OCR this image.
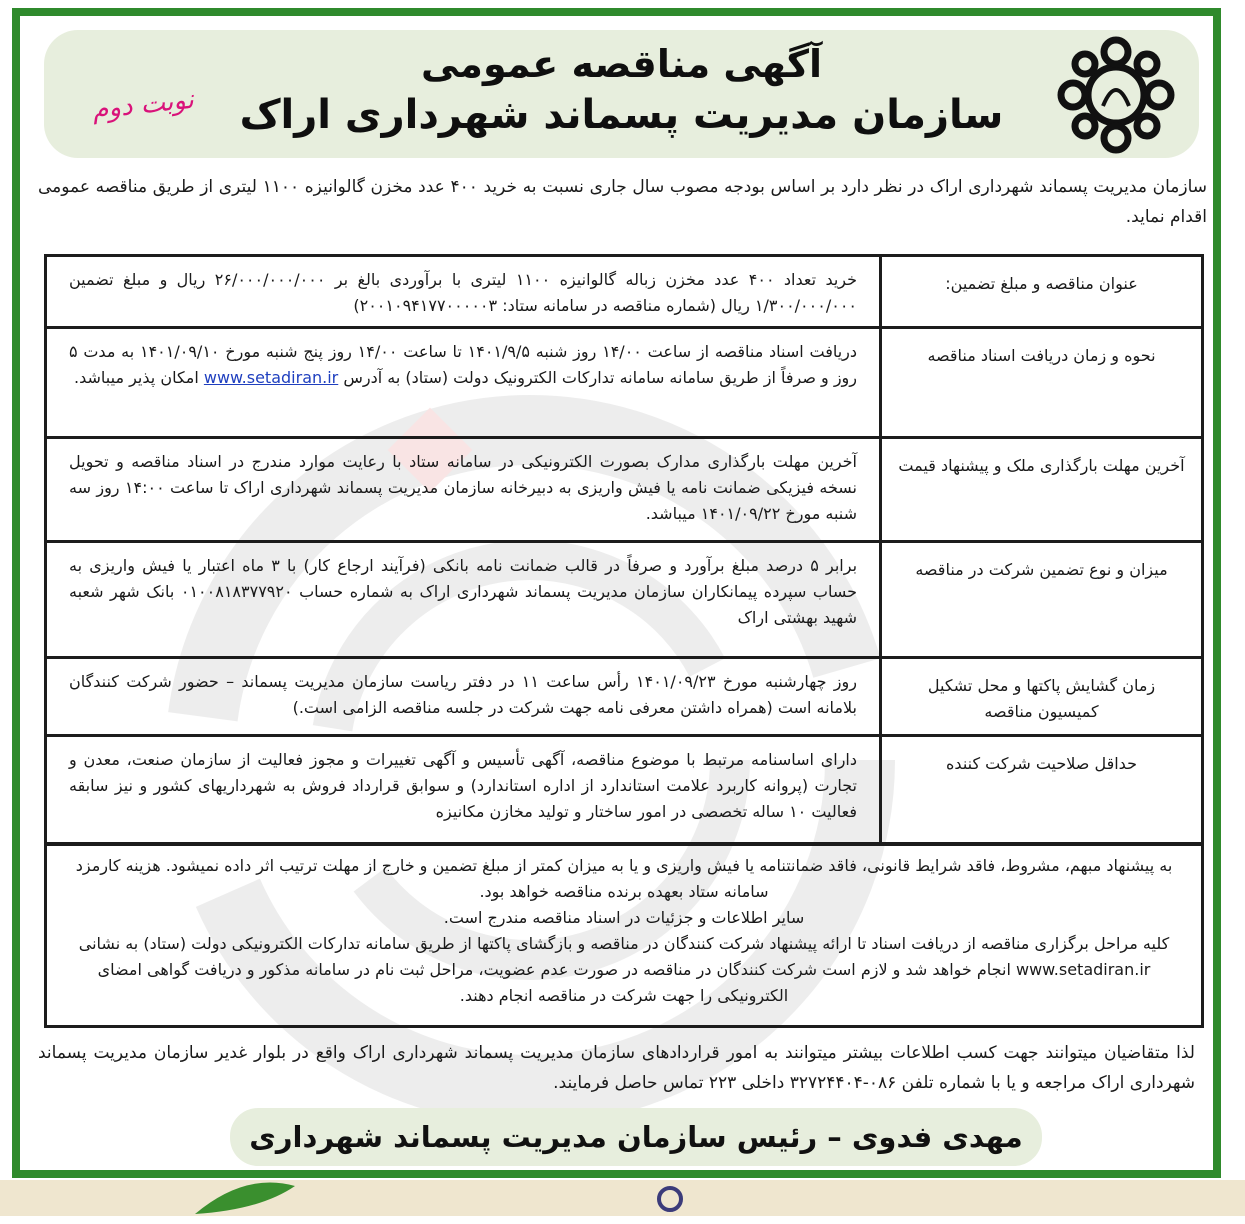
آگهی مناقصه عمومی
سازمان مدیریت پسماند شهرداری اراک
نوبت دوم
سازمان مدیریت پسماند شهرداری اراک در نظر دارد بر اساس بودجه مصوب سال جاری نسبت به خرید ۴۰۰ عدد مخزن گالوانیزه ۱۱۰۰ لیتری از طریق مناقصه عمومی اقدام نماید.
عنوان مناقصه و مبلغ تضمین:
خرید تعداد ۴۰۰ عدد مخزن زباله گالوانیزه ۱۱۰۰ لیتری با برآوردی بالغ بر ۲۶/۰۰۰/۰۰۰/۰۰۰ ریال و مبلغ تضمین ۱/۳۰۰/۰۰۰/۰۰۰ ریال (شماره مناقصه در سامانه ستاد: ۲۰۰۱۰۹۴۱۷۷۰۰۰۰۰۳)
نحوه و زمان دریافت اسناد مناقصه
دریافت اسناد مناقصه از ساعت ۱۴/۰۰ روز شنبه ۱۴۰۱/۹/۵ تا ساعت ۱۴/۰۰ روز پنج شنبه مورخ ۱۴۰۱/۰۹/۱۰ به مدت ۵ روز و صرفاً از طریق سامانه سامانه تدارکات الکترونیک دولت (ستاد) به آدرس www.setadiran.ir امکان پذیر میباشد.
آخرین مهلت بارگذاری ملک و پیشنهاد قیمت
آخرین مهلت بارگذاری مدارک بصورت الکترونیکی در سامانه ستاد با رعایت موارد مندرج در اسناد مناقصه و تحویل نسخه فیزیکی ضمانت نامه یا فیش واریزی به دبیرخانه سازمان مدیریت پسماند شهرداری اراک تا ساعت ۱۴:۰۰ روز سه شنبه مورخ ۱۴۰۱/۰۹/۲۲ میباشد.
میزان و نوع تضمین شرکت در مناقصه
برابر ۵ درصد مبلغ برآورد و صرفاً در قالب ضمانت نامه بانکی (فرآیند ارجاع کار) با ۳ ماه اعتبار یا فیش واریزی به حساب سپرده پیمانکاران سازمان مدیریت پسماند شهرداری اراک به شماره حساب ۰۱۰۰۸۱۸۳۷۷۹۲۰ بانک شهر شعبه شهید بهشتی اراک
زمان گشایش پاکتها و محل تشکیل کمیسیون مناقصه
روز چهارشنبه مورخ ۱۴۰۱/۰۹/۲۳ رأس ساعت ۱۱ در دفتر ریاست سازمان مدیریت پسماند – حضور شرکت کنندگان بلامانه است (همراه داشتن معرفی نامه جهت شرکت در جلسه مناقصه الزامی است.)
حداقل صلاحیت شرکت کننده
دارای اساسنامه مرتبط با موضوع مناقصه، آگهی تأسیس و آگهی تغییرات و مجوز فعالیت از سازمان صنعت، معدن و تجارت (پروانه کاربرد علامت استاندارد از اداره استاندارد) و سوابق قرارداد فروش به شهرداریهای کشور و نیز سابقه فعالیت ۱۰ ساله تخصصی در امور ساختار و تولید مخازن مکانیزه
به پیشنهاد مبهم، مشروط، فاقد شرایط قانونی، فاقد ضمانتنامه یا فیش واریزی و یا به میزان کمتر از مبلغ تضمین و خارج از مهلت ترتیب اثر داده نمیشود. هزینه کارمزد سامانه ستاد بعهده برنده مناقصه خواهد بود.
سایر اطلاعات و جزئیات در اسناد مناقصه مندرج است.
کلیه مراحل برگزاری مناقصه از دریافت اسناد تا ارائه پیشنهاد شرکت کنندگان در مناقصه و بازگشای پاکتها از طریق سامانه تدارکات الکترونیکی دولت (ستاد) به نشانی www.setadiran.ir انجام خواهد شد و لازم است شرکت کنندگان در مناقصه در صورت عدم عضویت، مراحل ثبت نام در سامانه مذکور و دریافت گواهی امضای الکترونیکی را جهت شرکت در مناقصه انجام دهند.
لذا متقاضیان میتوانند جهت کسب اطلاعات بیشتر میتوانند به امور قراردادهای سازمان مدیریت پسماند شهرداری اراک واقع در بلوار غدیر سازمان مدیریت پسماند شهرداری اراک مراجعه و یا با شماره تلفن ۰۸۶-۳۲۷۲۴۴۰۴ داخلی ۲۲۳ تماس حاصل فرمایند.
مهدی فدوی – رئیس سازمان مدیریت پسماند شهرداری
